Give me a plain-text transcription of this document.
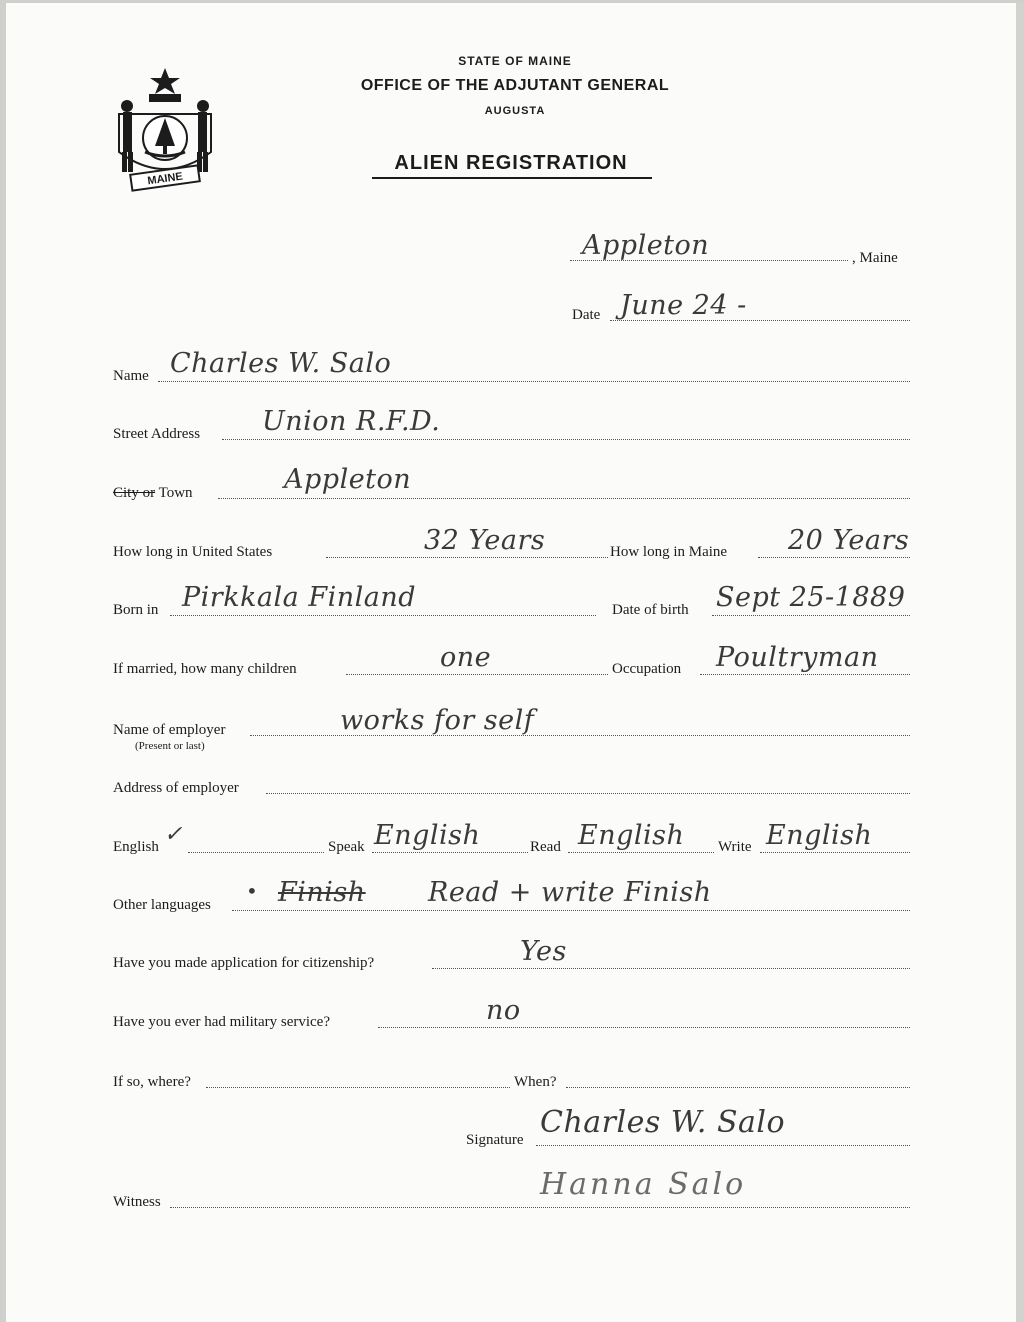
MAINE
STATE OF MAINE
OFFICE OF THE ADJUTANT GENERAL
AUGUSTA
ALIEN REGISTRATION
Appleton	, Maine
Date June 24 -
Name Charles W. Salo
Street Address Union R.F.D.
City or Town	Appleton
How long in United States	32 Years	How long in Maine 20 Years
Born in Pirkkala Finland	Date of birth Sept 25-1889
If married, how many children	one	Occupation Poultryman
Name of employer
(Present or last)
works for self
Address of employer
English ✓	Speak English	Read English Write English
Other languages
• Finish Read + write Finish
Have you made application for citizenship?	Yes
Have you ever had military service?	no
If so, where?	When?
Signature Charles W. Salo
Witness	Hanna Salo
